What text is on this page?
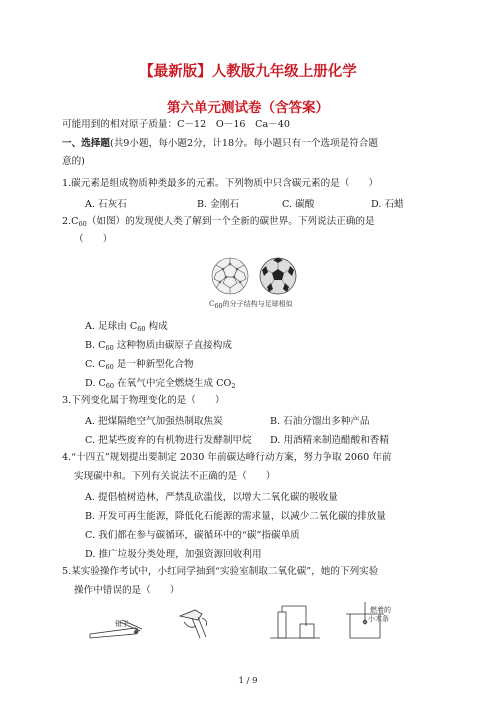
【最新版】人教版九年级上册化学
第六单元测试卷（含答案）
可能用到的相对原子质量：C－12　O－16　Ca－40
一、选择题(共9小题，每小题2分，计18分。每小题只有一个选项是符合题
意的)
1.碳元素是组成物质种类最多的元素。下列物质中只含碳元素的是（　　）
A. 石灰石	B. 金刚石	C. 碳酸	D. 石蜡
$2.C_{60}$（如图）的发现使人类了解到一个全新的碳世界。下列说法正确的是
（　　）
C60的分子结构与足球相似
A. 足球由 $C_{60}$ 构成
B. $C_{60}$ 这种物质由碳原子直接构成
C. $C_{60}$ 是一种新型化合物
D. $C_{60}$ 在氧气中完全燃烧生成 $CO_2$
3.下列变化属于物理变化的是（　　）
A. 把煤隔绝空气加强热制取焦炭	B. 石油分馏出多种产品
C. 把某些废弃的有机物进行发酵制甲烷 D. 用酒精来制造醋酸和香精
4.“十四五”规划提出要制定 2030 年前碳达峰行动方案，努力争取 2060 年前
实现碳中和。下列有关说法不正确的是（　　）
A. 提倡植树造林，严禁乱砍滥伐，以增大二氧化碳的吸收量
B. 开发可再生能源，降低化石能源的需求量，以减少二氧化碳的排放量
C. 我们都在参与碳循环，碳循环中的“碳”指碳单质
D. 推广垃圾分类处理，加强资源回收利用
5.某实验操作考试中，小红同学抽到“实验室制取二氧化碳”，她的下列实验
操作中错误的是（　　）
镊子
燃着的
小木条
1 / 9
